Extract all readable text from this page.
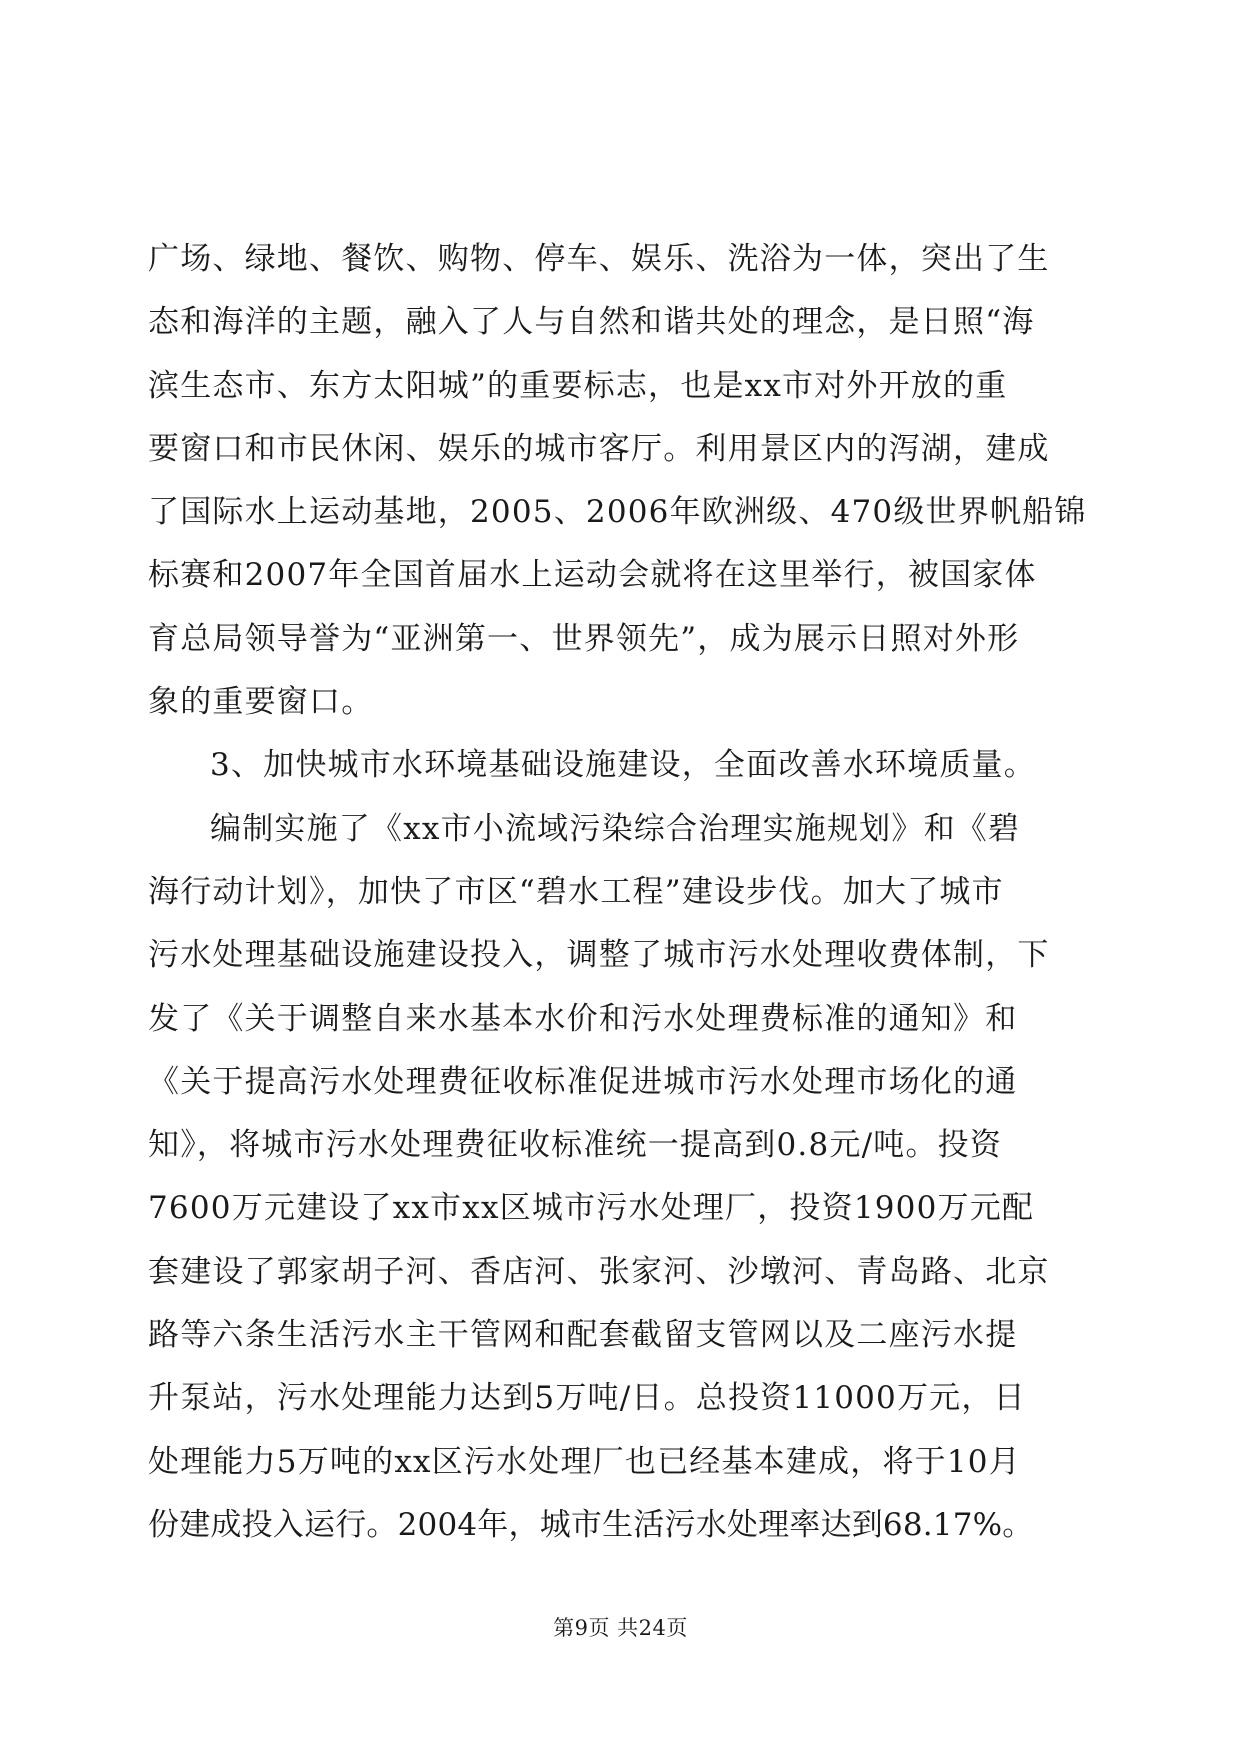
广场、绿地、餐饮、购物、停车、娱乐、洗浴为一体，突出了生
态和海洋的主题，融入了人与自然和谐共处的理念，是日照“海
滨生态市、东方太阳城”的重要标志，也是xx市对外开放的重
要窗口和市民休闲、娱乐的城市客厅。利用景区内的泻湖，建成
了国际水上运动基地，2005、2006年欧洲级、470级世界帆船锦
标赛和2007年全国首届水上运动会就将在这里举行，被国家体
育总局领导誉为“亚洲第一、世界领先”，成为展示日照对外形
象的重要窗口。
3、加快城市水环境基础设施建设，全面改善水环境质量。
编制实施了《xx市小流域污染综合治理实施规划》和《碧
海行动计划》，加快了市区“碧水工程”建设步伐。加大了城市
污水处理基础设施建设投入，调整了城市污水处理收费体制，下
发了《关于调整自来水基本水价和污水处理费标准的通知》和
《关于提高污水处理费征收标准促进城市污水处理市场化的通
知》，将城市污水处理费征收标准统一提高到0.8元/吨。投资
7600万元建设了xx市xx区城市污水处理厂，投资1900万元配
套建设了郭家胡子河、香店河、张家河、沙墩河、青岛路、北京
路等六条生活污水主干管网和配套截留支管网以及二座污水提
升泵站，污水处理能力达到5万吨/日。总投资11000万元，日
处理能力5万吨的xx区污水处理厂也已经基本建成，将于10月
份建成投入运行。2004年，城市生活污水处理率达到68.17%。
第9页 共24页
